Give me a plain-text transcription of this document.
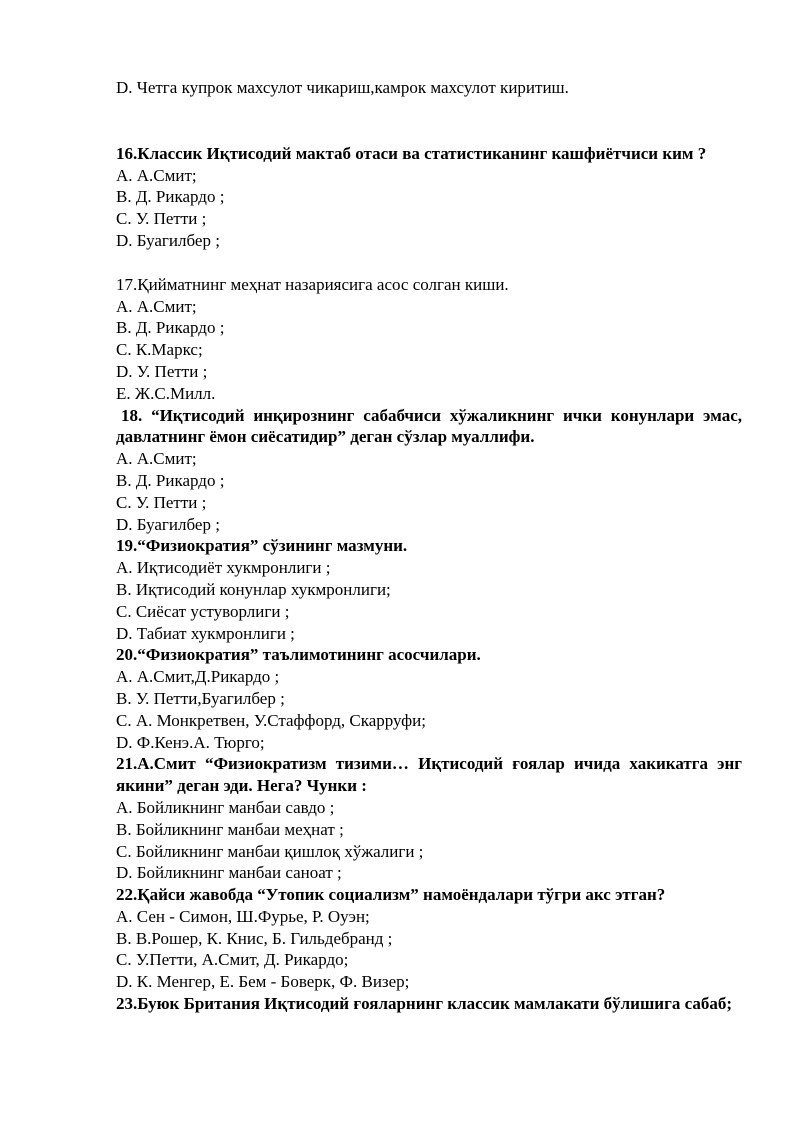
D. Четга купрок махсулот чикариш,камрок махсулот киритиш.
16.Классик Иқтисодий мактаб отаси ва статистиканинг кашфиётчиси ким ?
A. А.Смит;
B. Д. Рикардо ;
C. У. Петти ;
D. Буагилбер ;
17.Қийматнинг меҳнат назариясига асос солган киши.
A. А.Смит;
B. Д. Рикардо ;
C. К.Маркс;
D. У. Петти ;
E. Ж.С.Милл.
18. “Иқтисодий инқирознинг сабабчиси хўжаликнинг ички конунлари эмас, давлатнинг ёмон сиёсатидир” деган сўзлар муаллифи.
A. А.Смит;
B. Д. Рикардо ;
C. У. Петти ;
D. Буагилбер ;
19.“Физиократия” сўзининг мазмуни.
A. Иқтисодиёт хукмронлиги ;
B. Иқтисодий конунлар хукмронлиги;
C. Сиёсат устуворлиги ;
D. Табиат хукмронлиги ;
20.“Физиократия” таълимотининг асосчилари.
A. А.Смит,Д.Рикардо ;
B. У. Петти,Буагилбер ;
C. А. Монкретвен, У.Стаффорд, Скарруфи;
D. Ф.Кенэ.А. Тюрго;
21.А.Смит “Физиократизм тизими… Иқтисодий ғоялар ичида хакикатга энг якини” деган эди. Нега? Чунки :
A. Бойликнинг манбаи савдо ;
B. Бойликнинг манбаи меҳнат ;
C. Бойликнинг манбаи қишлоқ хўжалиги ;
D. Бойликнинг манбаи саноат ;
22.Қайси жавобда “Утопик социализм” намоёндалари тўгри акс этган?
A. Сен - Симон, Ш.Фурье, Р. Оуэн;
B. В.Рошер, К. Книс, Б. Гильдебранд ;
C. У.Петти, А.Смит, Д. Рикардо;
D. К. Менгер, Е. Бем - Боверк, Ф. Визер;
23.Буюк Британия Иқтисодий ғояларнинг классик мамлакати бўлишига сабаб;
